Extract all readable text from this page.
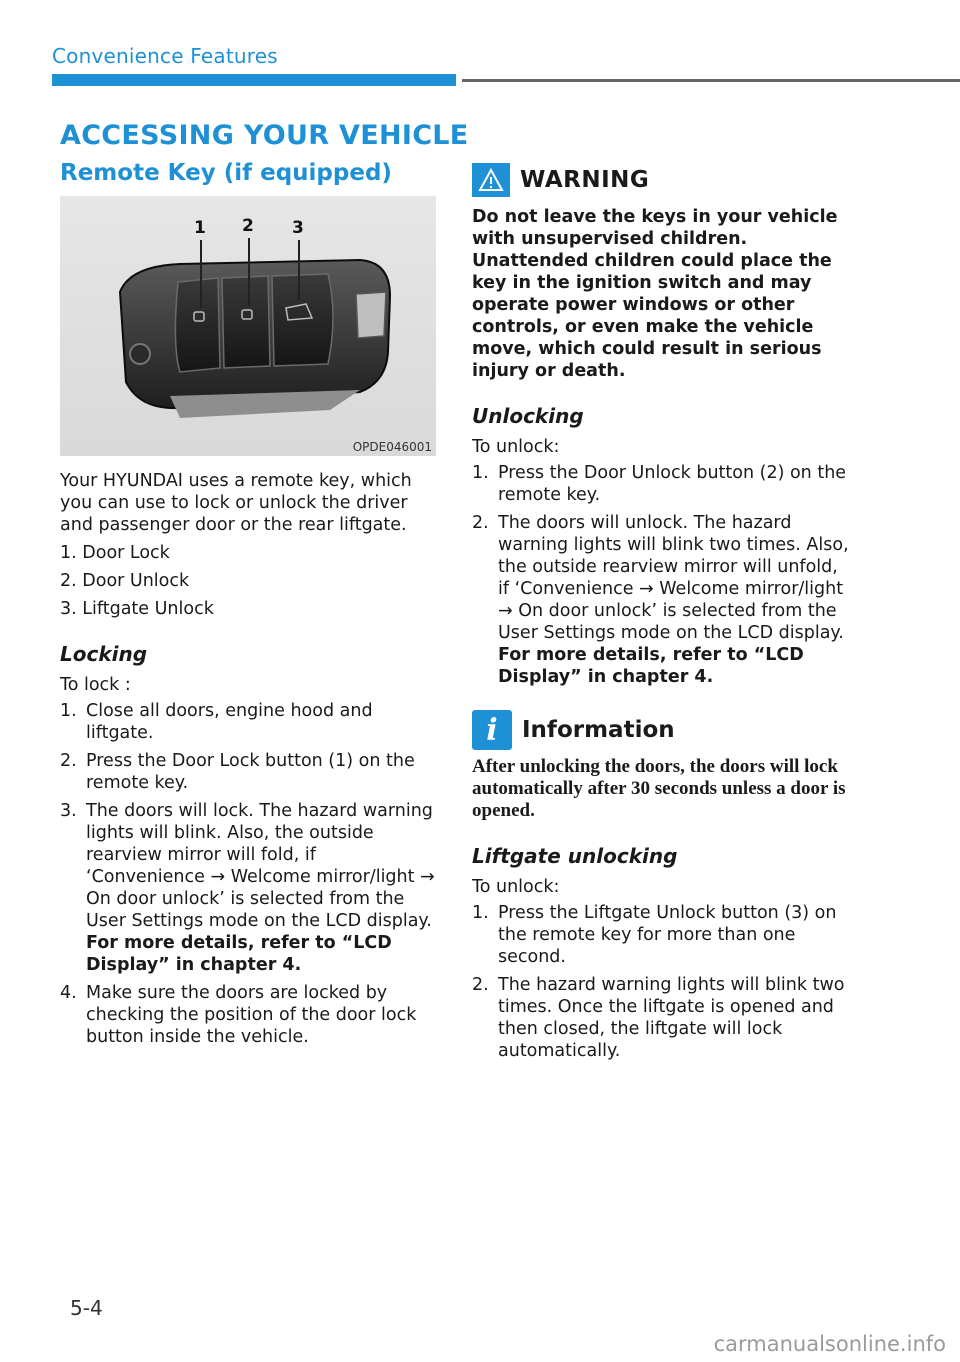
Convenience Features
ACCESSING YOUR VEHICLE
Remote Key (if equipped)
1 2 3
OPDE046001

Your HYUNDAI uses a remote key, which you can use to lock or unlock the driver and passenger door or the rear liftgate.

1. Door Lock
2. Door Unlock
3. Liftgate Unlock
Locking

To lock :

1. Close all doors, engine hood and liftgate.
2. Press the Door Lock button (1) on the remote key.
3. The doors will lock. The hazard warning lights will blink. Also, the outside rearview mirror will fold, if ‘Convenience → Welcome mirror/light → On door unlock’ is selected from the User Settings mode on the LCD display. For more details, refer to “LCD Display” in chapter 4.
4. Make sure the doors are locked by checking the position of the door lock button inside the vehicle.
WARNING

Do not leave the keys in your vehicle with unsupervised children. Unattended children could place the key in the ignition switch and may operate power windows or other controls, or even make the vehicle move, which could result in serious injury or death.

Unlocking

To unlock:

1. Press the Door Unlock button (2) on the remote key.
2. The doors will unlock. The hazard warning lights will blink two times. Also, the outside rearview mirror will unfold, if ‘Convenience → Welcome mirror/light → On door unlock’ is selected from the User Settings mode on the LCD display. For more details, refer to “LCD Display” in chapter 4.
i	Information

After unlocking the doors, the doors will lock automatically after 30 seconds unless a door is opened.

Liftgate unlocking

To unlock:

1. Press the Liftgate Unlock button (3) on the remote key for more than one second.
2. The hazard warning lights will blink two times. Once the liftgate is opened and then closed, the liftgate will lock automatically.
5-4
carmanualsonline.info
